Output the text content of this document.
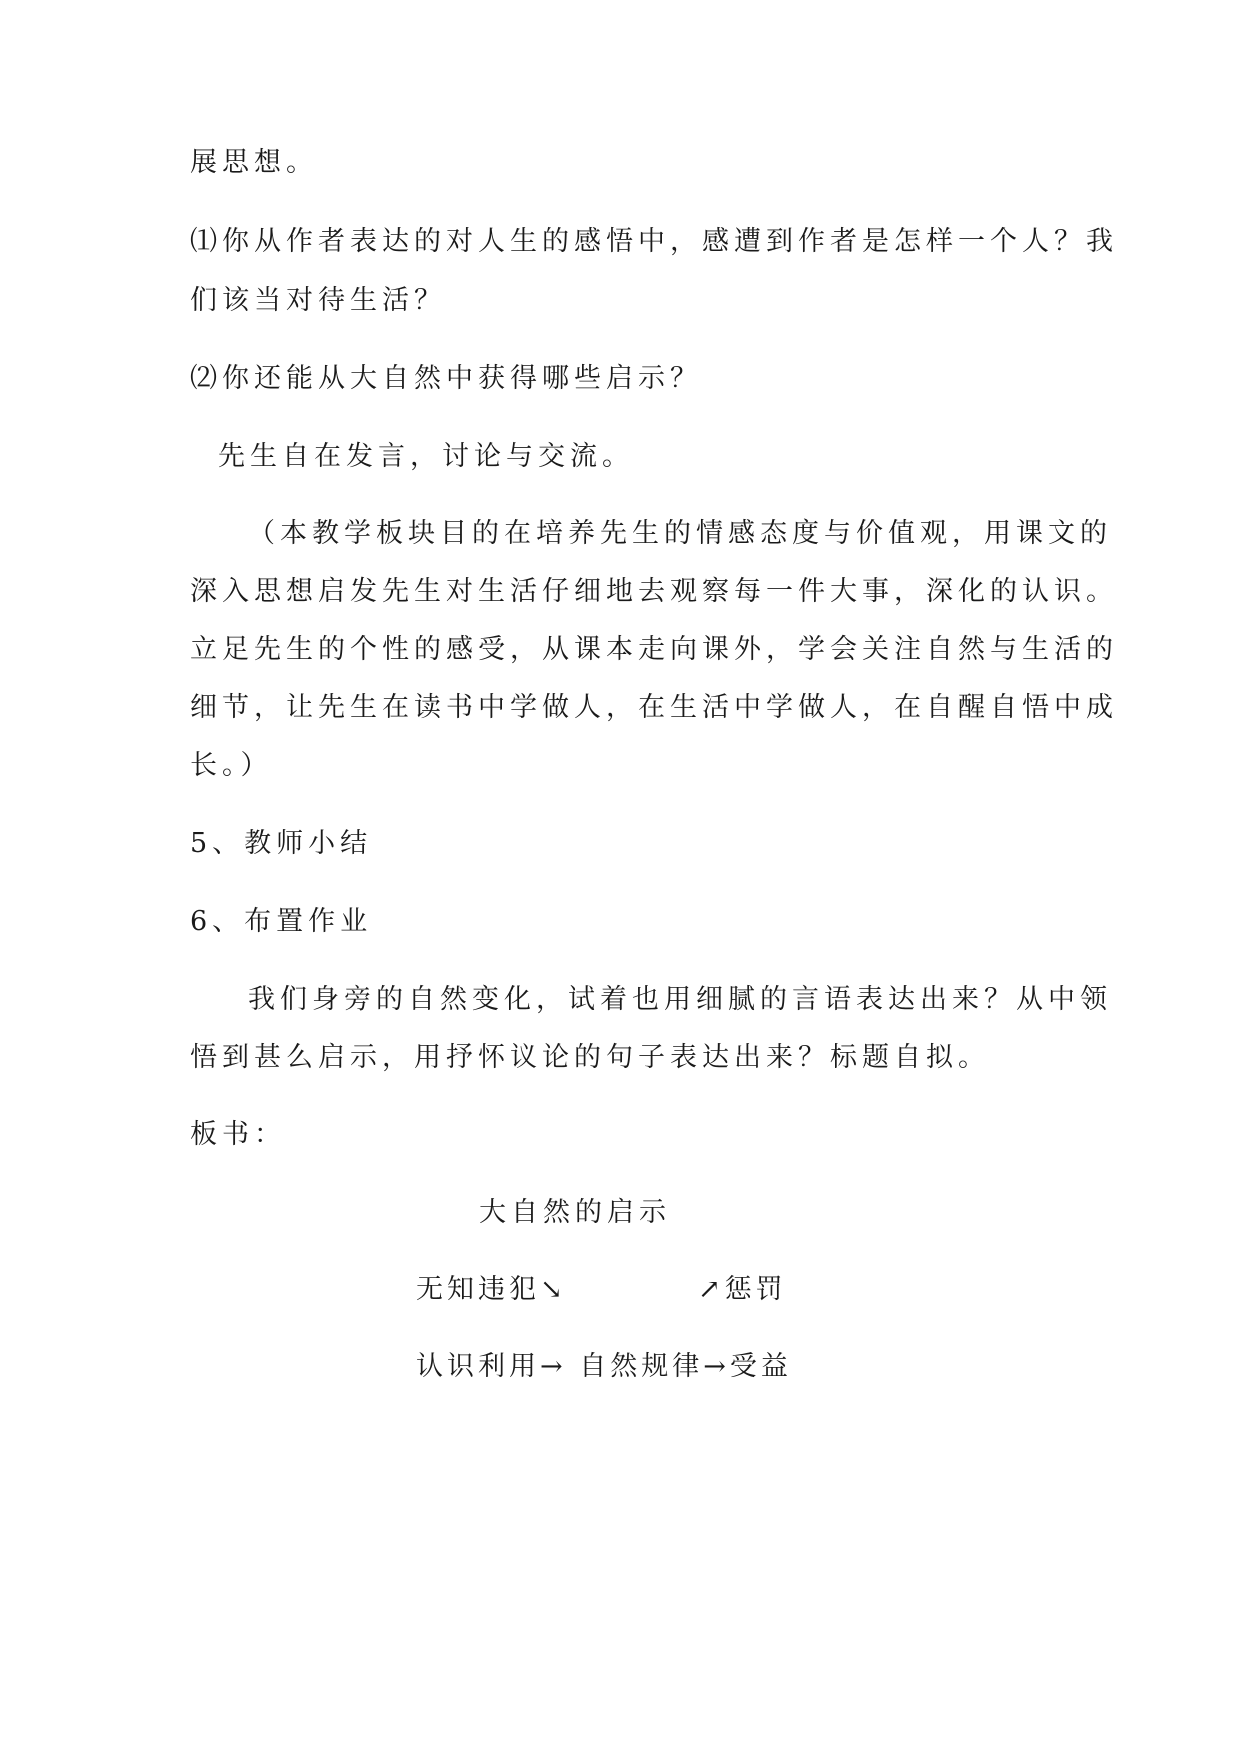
展思想。
⑴你从作者表达的对人生的感悟中，感遭到作者是怎样一个人？我
们该当对待生活？
⑵你还能从大自然中获得哪些启示？
先生自在发言，讨论与交流。
（本教学板块目的在培养先生的情感态度与价值观，用课文的
深入思想启发先生对生活仔细地去观察每一件大事，深化的认识。
立足先生的个性的感受，从课本走向课外，学会关注自然与生活的
细节，让先生在读书中学做人，在生活中学做人，在自醒自悟中成
长。）
5、教师小结
6、布置作业
我们身旁的自然变化，试着也用细腻的言语表达出来？从中领
悟到甚么启示，用抒怀议论的句子表达出来？标题自拟。
板书：
大自然的启示
无知违犯↘	↗惩罚
认识利用→ 自然规律→受益
